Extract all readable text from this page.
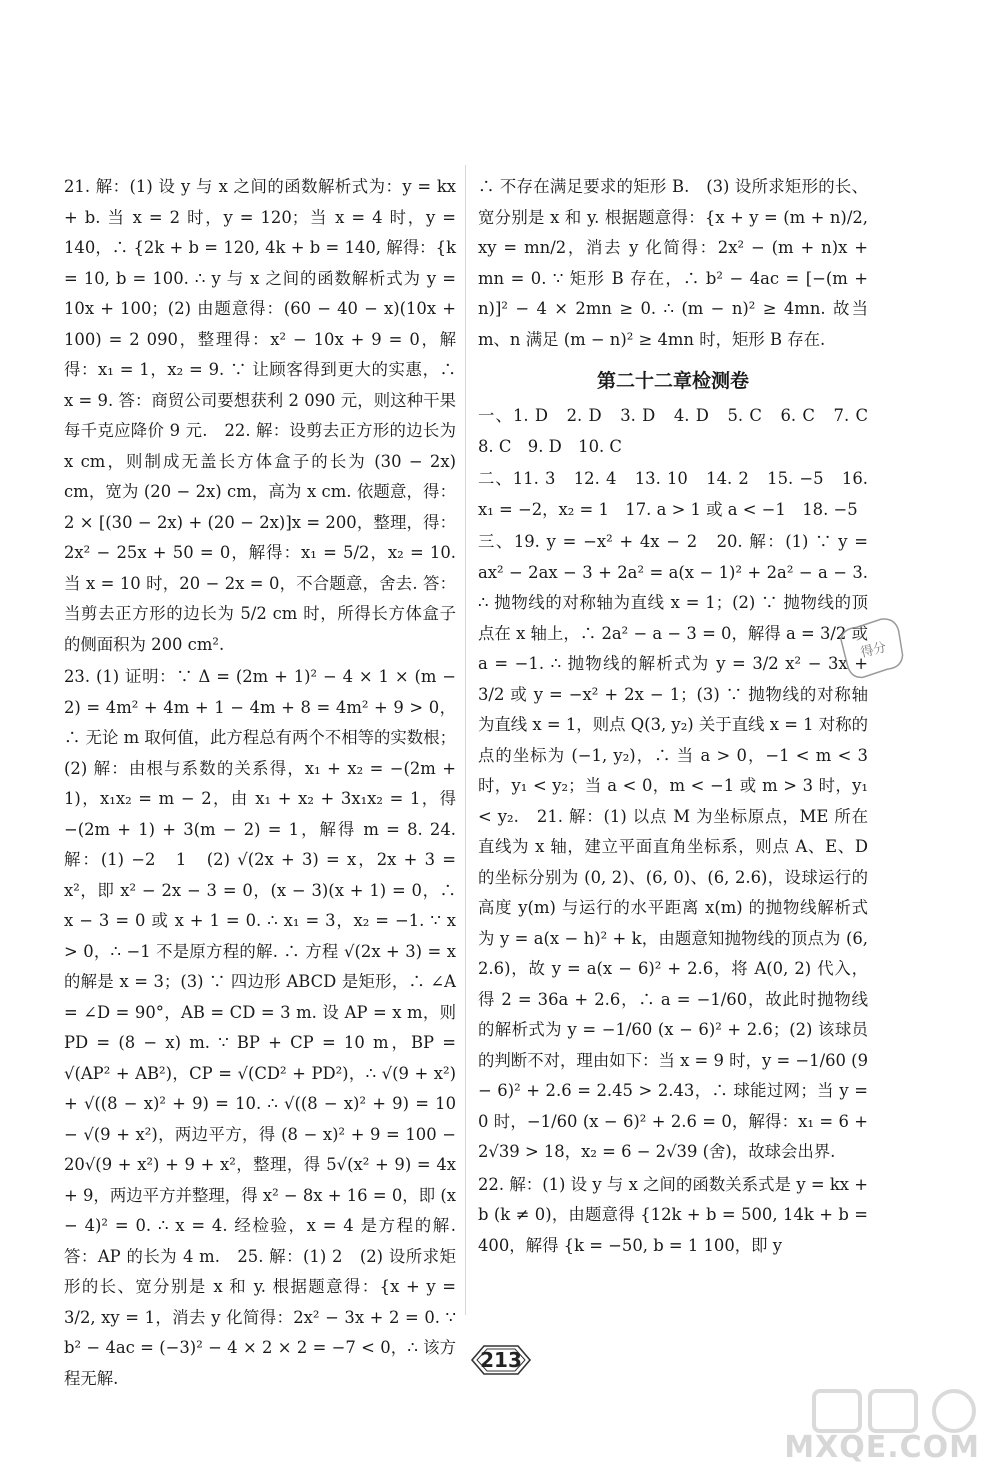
21. 解：(1) 设 y 与 x 之间的函数解析式为：y = kx + b. 当 x = 2 时，y = 120；当 x = 4 时，y = 140，∴ {2k + b = 120, 4k + b = 140, 解得：{k = 10, b = 100. ∴ y 与 x 之间的函数解析式为 y = 10x + 100；(2) 由题意得：(60 − 40 − x)(10x + 100) = 2 090，整理得：x² − 10x + 9 = 0，解得：x₁ = 1，x₂ = 9. ∵ 让顾客得到更大的实惠，∴ x = 9. 答：商贸公司要想获利 2 090 元，则这种干果每千克应降价 9 元.　22. 解：设剪去正方形的边长为 x cm，则制成无盖长方体盒子的长为 (30 − 2x) cm，宽为 (20 − 2x) cm，高为 x cm. 依题意，得：2 × [(30 − 2x) + (20 − 2x)]x = 200，整理，得：2x² − 25x + 50 = 0，解得：x₁ = 5/2，x₂ = 10. 当 x = 10 时，20 − 2x = 0，不合题意，舍去. 答：当剪去正方形的边长为 5/2 cm 时，所得长方体盒子的侧面积为 200 cm².

23. (1) 证明：∵ Δ = (2m + 1)² − 4 × 1 × (m − 2) = 4m² + 4m + 1 − 4m + 8 = 4m² + 9 > 0，∴ 无论 m 取何值，此方程总有两个不相等的实数根；(2) 解：由根与系数的关系得，x₁ + x₂ = −(2m + 1)，x₁x₂ = m − 2，由 x₁ + x₂ + 3x₁x₂ = 1，得 −(2m + 1) + 3(m − 2) = 1，解得 m = 8. 24. 解：(1) −2　1　(2) √(2x + 3) = x，2x + 3 = x²，即 x² − 2x − 3 = 0，(x − 3)(x + 1) = 0，∴ x − 3 = 0 或 x + 1 = 0. ∴ x₁ = 3，x₂ = −1. ∵ x > 0，∴ −1 不是原方程的解. ∴ 方程 √(2x + 3) = x 的解是 x = 3；(3) ∵ 四边形 ABCD 是矩形，∴ ∠A = ∠D = 90°，AB = CD = 3 m. 设 AP = x m，则 PD = (8 − x) m. ∵ BP + CP = 10 m，BP = √(AP² + AB²)，CP = √(CD² + PD²)，∴ √(9 + x²) + √((8 − x)² + 9) = 10. ∴ √((8 − x)² + 9) = 10 − √(9 + x²)，两边平方，得 (8 − x)² + 9 = 100 − 20√(9 + x²) + 9 + x²，整理，得 5√(x² + 9) = 4x + 9，两边平方并整理，得 x² − 8x + 16 = 0，即 (x − 4)² = 0. ∴ x = 4. 经检验，x = 4 是方程的解. 答：AP 的长为 4 m.　25. 解：(1) 2　(2) 设所求矩形的长、宽分别是 x 和 y. 根据题意得：{x + y = 3/2, xy = 1，消去 y 化简得：2x² − 3x + 2 = 0. ∵ b² − 4ac = (−3)² − 4 × 2 × 2 = −7 < 0，∴ 该方程无解.

∴ 不存在满足要求的矩形 B.　(3) 设所求矩形的长、宽分别是 x 和 y. 根据题意得：{x + y = (m + n)/2, xy = mn/2，消去 y 化简得：2x² − (m + n)x + mn = 0. ∵ 矩形 B 存在，∴ b² − 4ac = [−(m + n)]² − 4 × 2mn ≥ 0. ∴ (m − n)² ≥ 4mn. 故当 m、n 满足 (m − n)² ≥ 4mn 时，矩形 B 存在.

第二十二章检测卷

一、1. D　2. D　3. D　4. D　5. C　6. C　7. C　8. C　9. D　10. C

二、11. 3　12. 4　13. 10　14. 2　15. −5　16. x₁ = −2，x₂ = 1　17. a > 1 或 a < −1　18. −5

三、19. y = −x² + 4x − 2　20. 解：(1) ∵ y = ax² − 2ax − 3 + 2a² = a(x − 1)² + 2a² − a − 3. ∴ 抛物线的对称轴为直线 x = 1；(2) ∵ 抛物线的顶点在 x 轴上，∴ 2a² − a − 3 = 0，解得 a = 3/2 或 a = −1. ∴ 抛物线的解析式为 y = 3/2 x² − 3x + 3/2 或 y = −x² + 2x − 1；(3) ∵ 抛物线的对称轴为直线 x = 1，则点 Q(3, y₂) 关于直线 x = 1 对称的点的坐标为 (−1, y₂)，∴ 当 a > 0，−1 < m < 3 时，y₁ < y₂；当 a < 0，m < −1 或 m > 3 时，y₁ < y₂.　21. 解：(1) 以点 M 为坐标原点，ME 所在直线为 x 轴，建立平面直角坐标系，则点 A、E、D 的坐标分别为 (0, 2)、(6, 0)、(6, 2.6)，设球运行的高度 y(m) 与运行的水平距离 x(m) 的抛物线解析式为 y = a(x − h)² + k，由题意知抛物线的顶点为 (6, 2.6)，故 y = a(x − 6)² + 2.6，将 A(0, 2) 代入，得 2 = 36a + 2.6，∴ a = −1/60，故此时抛物线的解析式为 y = −1/60 (x − 6)² + 2.6；(2) 该球员的判断不对，理由如下：当 x = 9 时，y = −1/60 (9 − 6)² + 2.6 = 2.45 > 2.43，∴ 球能过网；当 y = 0 时，−1/60 (x − 6)² + 2.6 = 0，解得：x₁ = 6 + 2√39 > 18，x₂ = 6 − 2√39 (舍)，故球会出界.

22. 解：(1) 设 y 与 x 之间的函数关系式是 y = kx + b (k ≠ 0)，由题意得 {12k + b = 500, 14k + b = 400，解得 {k = −50, b = 1 100，即 y

得分
213
MXQE.COM
